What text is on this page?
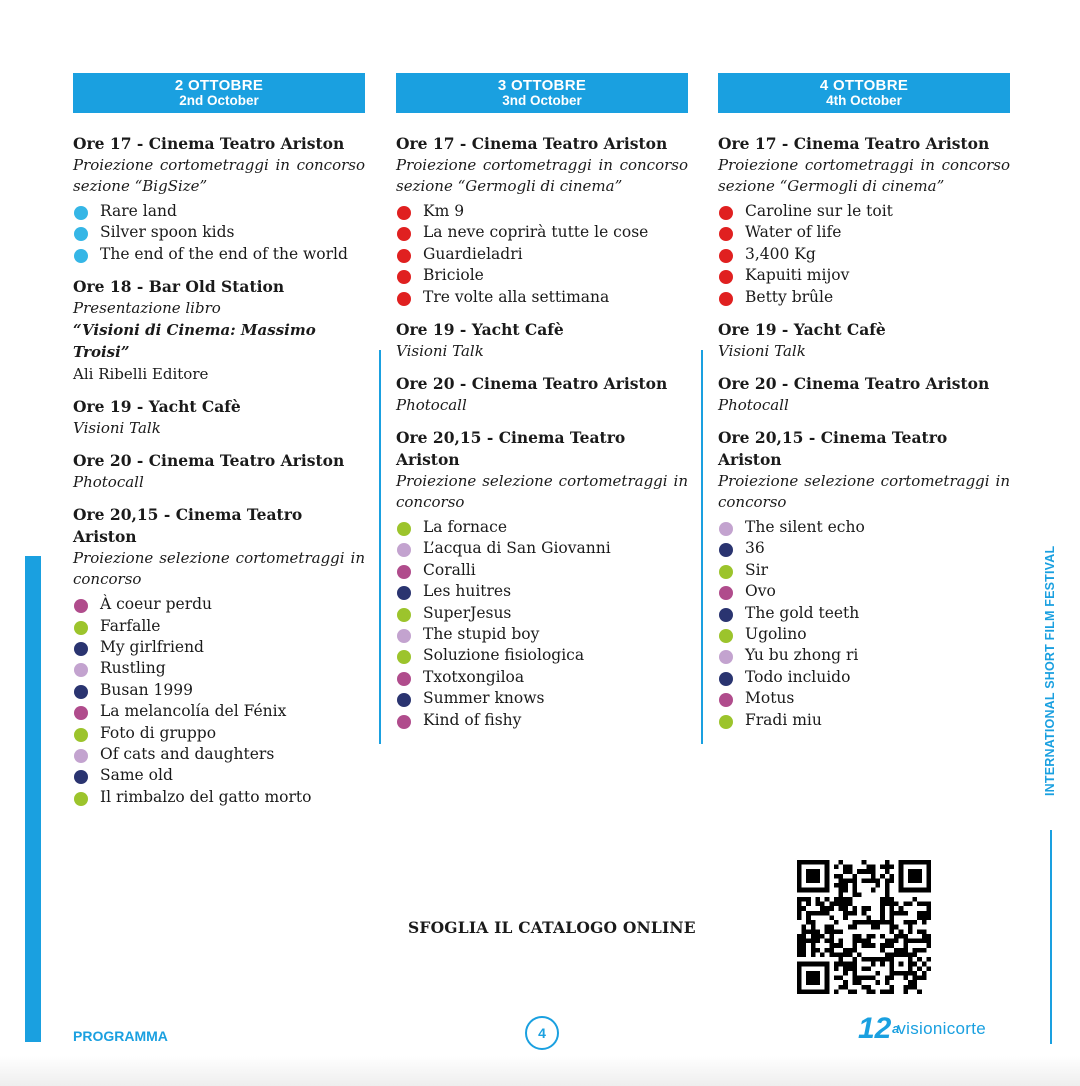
INTERNATIONAL SHORT FILM FESTIVAL
2 OTTOBRE
2nd October
Ore 17 - Cinema Teatro Ariston
Proiezione cortometraggi in concorso sezione “BigSize”
Rare land
Silver spoon kids
The end of the end of the world
Ore 18 - Bar Old Station
Presentazione libro
“Visioni di Cinema: Massimo Troisi”
Ali Ribelli Editore
Ore 19 - Yacht Cafè
Visioni Talk
Ore 20 - Cinema Teatro Ariston
Photocall
Ore 20,15 - Cinema Teatro Ariston
Proiezione selezione cortometraggi in concorso
À coeur perdu
Farfalle
My girlfriend
Rustling
Busan 1999
La melancolía del Fénix
Foto di gruppo
Of cats and daughters
Same old
Il rimbalzo del gatto morto
3 OTTOBRE
3nd October
Ore 17 - Cinema Teatro Ariston
Proiezione cortometraggi in concorso sezione “Germogli di cinema”
Km 9
La neve coprirà tutte le cose
Guardieladri
Briciole
Tre volte alla settimana
Ore 19 - Yacht Cafè
Visioni Talk
Ore 20 - Cinema Teatro Ariston
Photocall
Ore 20,15 - Cinema Teatro Ariston
Proiezione selezione cortometraggi in concorso
La fornace
L’acqua di San Giovanni
Coralli
Les huitres
SuperJesus
The stupid boy
Soluzione fisiologica
Txotxongiloa
Summer knows
Kind of fishy
4 OTTOBRE
4th October
Ore 17 - Cinema Teatro Ariston
Proiezione cortometraggi in concorso sezione “Germogli di cinema”
Caroline sur le toit
Water of life
3,400 Kg
Kapuiti mijov
Betty brûle
Ore 19 - Yacht Cafè
Visioni Talk
Ore 20 - Cinema Teatro Ariston
Photocall
Ore 20,15 - Cinema Teatro Ariston
Proiezione selezione cortometraggi in concorso
The silent echo
36
Sir
Ovo
The gold teeth
Ugolino
Yu bu zhong ri
Todo incluido
Motus
Fradi miu
SFOGLIA IL CATALOGO ONLINE
PROGRAMMA	4	12 a
visionicorte
